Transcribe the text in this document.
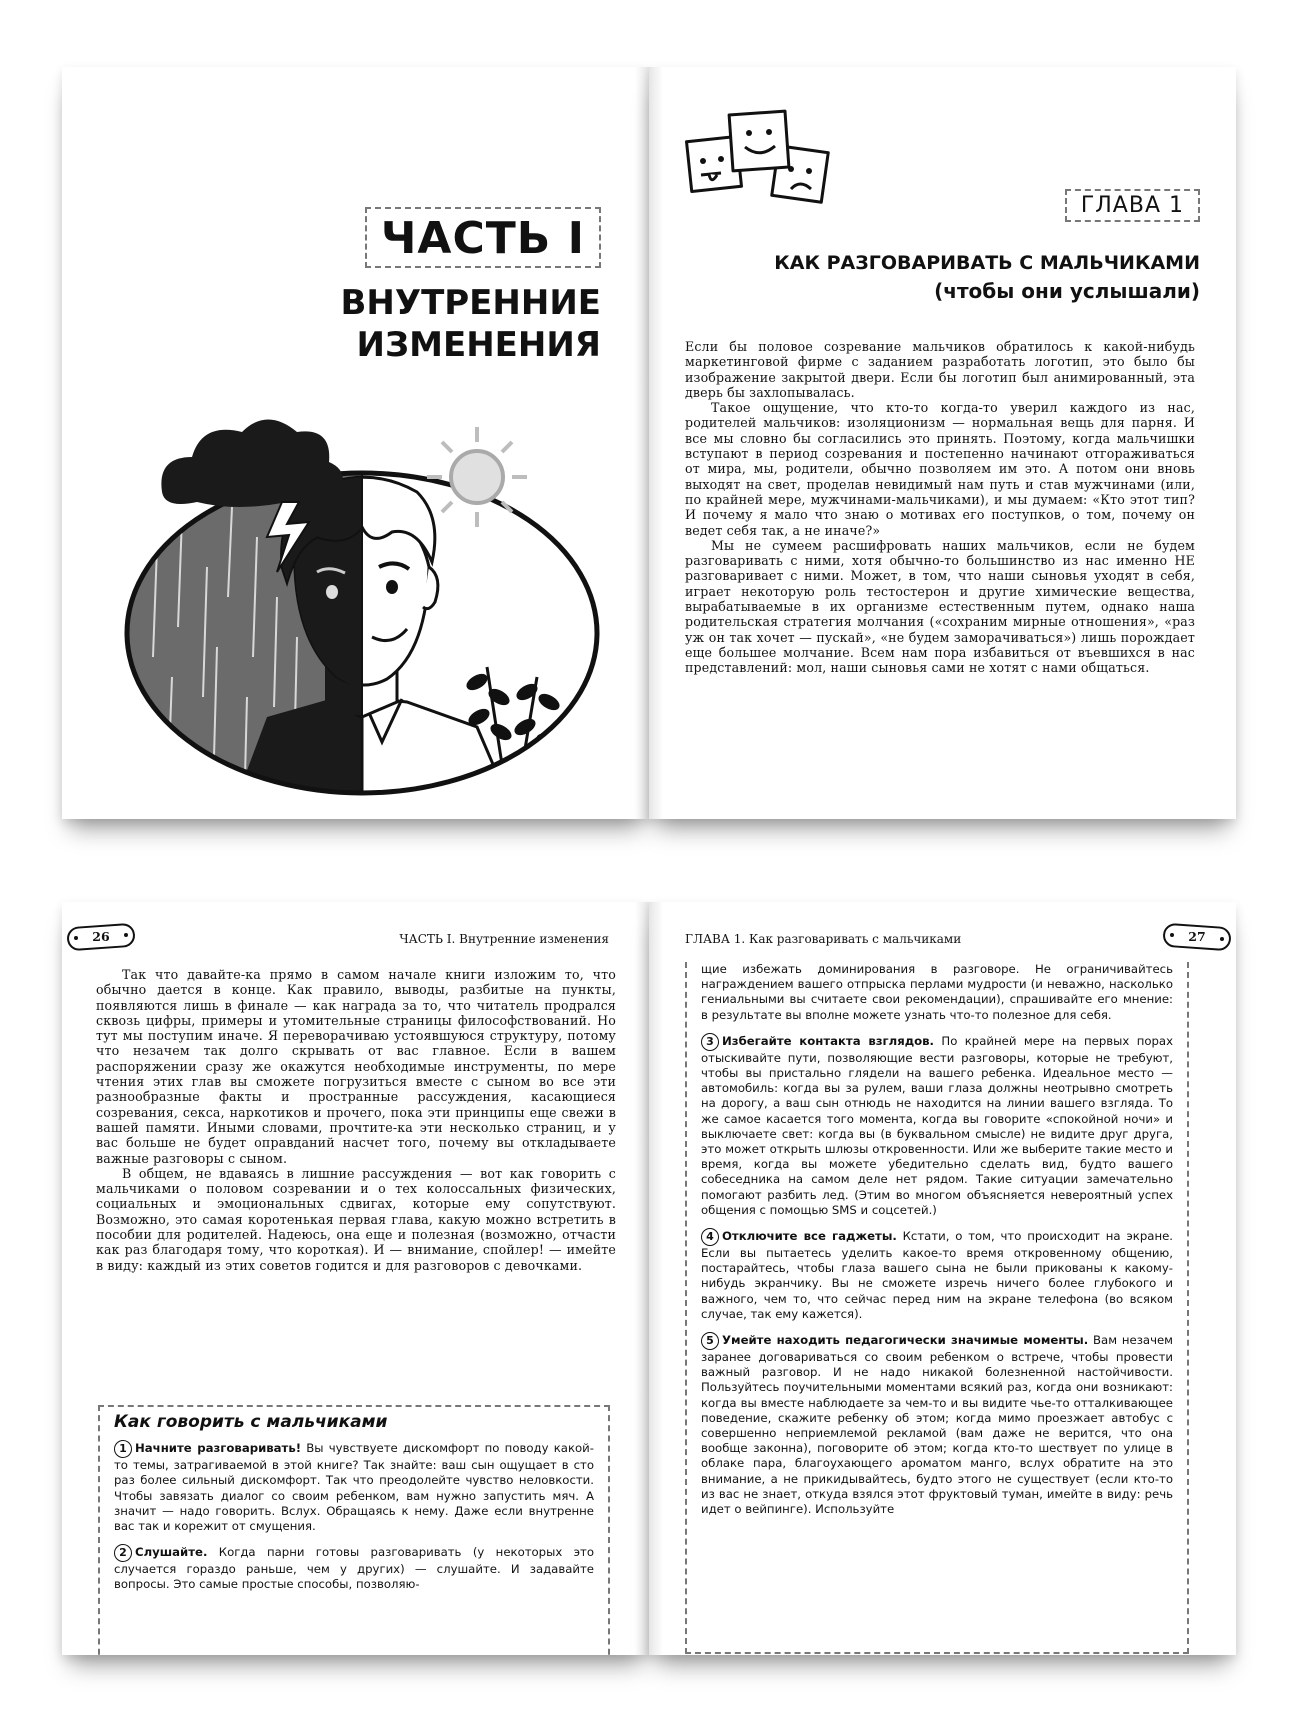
ЧАСТЬ I
ВНУТРЕННИЕ
ИЗМЕНЕНИЯ
ГЛАВА 1
КАК РАЗГОВАРИВАТЬ С МАЛЬЧИКАМИ
(чтобы они услышали)

Если бы половое созревание мальчиков обратилось к какой-нибудь маркетинговой фирме с заданием разработать логотип, это было бы изображение закрытой двери. Если бы логотип был анимированный, эта дверь бы захлопывалась.

Такое ощущение, что кто-то когда-то уверил каждого из нас, родителей мальчиков: изоляционизм — нормальная вещь для парня. И все мы словно бы согласились это принять. Поэтому, когда мальчишки вступают в период созревания и постепенно начинают отгораживаться от мира, мы, родители, обычно позволяем им это. А потом они вновь выходят на свет, проделав невидимый нам путь и став мужчинами (или, по крайней мере, мужчинами-мальчиками), и мы думаем: «Кто этот тип? И почему я мало что знаю о мотивах его поступков, о том, почему он ведет себя так, а не иначе?»

Мы не сумеем расшифровать наших мальчиков, если не будем разговаривать с ними, хотя обычно-то большинство из нас именно НЕ разговаривает с ними. Может, в том, что наши сыновья уходят в себя, играет некоторую роль тестостерон и другие химические вещества, вырабатываемые в их организме естественным путем, однако наша родительская стратегия молчания («сохраним мирные отношения», «раз уж он так хочет — пускай», «не будем заморачиваться») лишь порождает еще большее молчание. Всем нам пора избавиться от въевшихся в нас представлений: мол, наши сыновья сами не хотят с нами общаться.

26	ЧАСТЬ I. Внутренние изменения

Так что давайте-ка прямо в самом начале книги изложим то, что обычно дается в конце. Как правило, выводы, разбитые на пункты, появляются лишь в финале — как награда за то, что читатель продрался сквозь цифры, примеры и утомительные страницы философствований. Но тут мы поступим иначе. Я переворачиваю устоявшуюся структуру, потому что незачем так долго скрывать от вас главное. Если в вашем распоряжении сразу же окажутся необходимые инструменты, по мере чтения этих глав вы сможете погрузиться вместе с сыном во все эти разнообразные факты и пространные рассуждения, касающиеся созревания, секса, наркотиков и прочего, пока эти принципы еще свежи в вашей памяти. Иными словами, прочтите-ка эти несколько страниц, и у вас больше не будет оправданий насчет того, почему вы откладываете важные разговоры с сыном.

В общем, не вдаваясь в лишние рассуждения — вот как говорить с мальчиками о половом созревании и о тех колоссальных физических, социальных и эмоциональных сдвигах, которые ему сопутствуют. Возможно, это самая коротенькая первая глава, какую можно встретить в пособии для родителей. Надеюсь, она еще и полезная (возможно, отчасти как раз благодаря тому, что короткая). И — внимание, спойлер! — имейте в виду: каждый из этих советов годится и для разговоров с девочками.

Как говорить с мальчиками

1 Начните разговаривать! Вы чувствуете дискомфорт по поводу какой-то темы, затрагиваемой в этой книге? Так знайте: ваш сын ощущает в сто раз более сильный дискомфорт. Так что преодолейте чувство неловкости. Чтобы завязать диалог со своим ребенком, вам нужно запустить мяч. А значит — надо говорить. Вслух. Обращаясь к нему. Даже если внутренне вас так и корежит от смущения.

2 Слушайте. Когда парни готовы разговаривать (у некоторых это случается гораздо раньше, чем у других) — слушайте. И задавайте вопросы. Это самые простые способы, позволяю-

ГЛАВА 1. Как разговаривать с мальчиками	27

щие избежать доминирования в разговоре. Не ограничивайтесь награждением вашего отпрыска перлами мудрости (и неважно, насколько гениальными вы считаете свои рекомендации), спрашивайте его мнение: в результате вы вполне можете узнать что-то полезное для себя.

3 Избегайте контакта взглядов. По крайней мере на первых порах отыскивайте пути, позволяющие вести разговоры, которые не требуют, чтобы вы пристально глядели на вашего ребенка. Идеальное место — автомобиль: когда вы за рулем, ваши глаза должны неотрывно смотреть на дорогу, а ваш сын отнюдь не находится на линии вашего взгляда. То же самое касается того момента, когда вы говорите «спокойной ночи» и выключаете свет: когда вы (в буквальном смысле) не видите друг друга, это может открыть шлюзы откровенности. Или же выберите такие место и время, когда вы можете убедительно сделать вид, будто вашего собеседника на самом деле нет рядом. Такие ситуации замечательно помогают разбить лед. (Этим во многом объясняется невероятный успех общения с помощью SMS и соцсетей.)

4 Отключите все гаджеты. Кстати, о том, что происходит на экране. Если вы пытаетесь уделить какое-то время откровенному общению, постарайтесь, чтобы глаза вашего сына не были прикованы к какому-нибудь экранчику. Вы не сможете изречь ничего более глубокого и важного, чем то, что сейчас перед ним на экране телефона (во всяком случае, так ему кажется).

5 Умейте находить педагогически значимые моменты. Вам незачем заранее договариваться со своим ребенком о встрече, чтобы провести важный разговор. И не надо никакой болезненной настойчивости. Пользуйтесь поучительными моментами всякий раз, когда они возникают: когда вы вместе наблюдаете за чем-то и вы видите чье-то отталкивающее поведение, скажите ребенку об этом; когда мимо проезжает автобус с совершенно неприемлемой рекламой (вам даже не верится, что она вообще законна), поговорите об этом; когда кто-то шествует по улице в облаке пара, благоухающего ароматом манго, вслух обратите на это внимание, а не прикидывайтесь, будто этого не существует (если кто-то из вас не знает, откуда взялся этот фруктовый туман, имейте в виду: речь идет о вейпинге). Используйте
